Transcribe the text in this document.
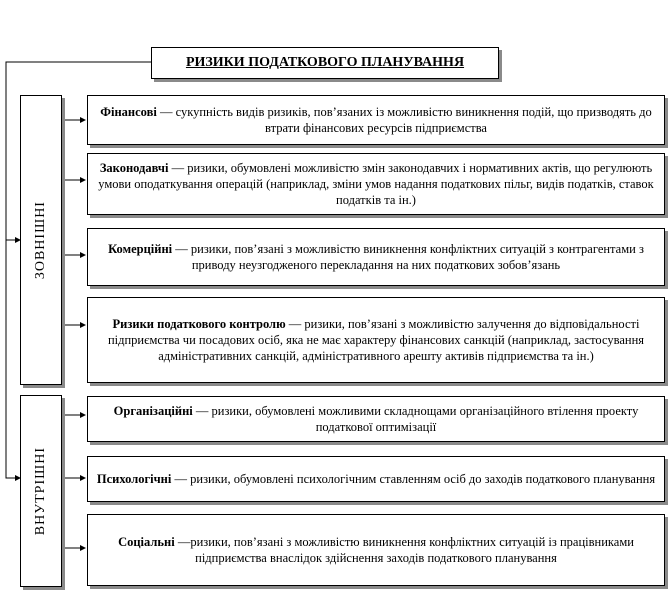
РИЗИКИ ПОДАТКОВОГО ПЛАНУВАННЯ
ЗОВНІШНІ
ВНУТРІШНІ
Фінансові — сукупність видів ризиків, пов’язаних із можливістю виникнення подій, що призводять до втрати фінансових ресурсів підприємства
Законодавчі — ризики, обумовлені можливістю змін законодавчих і нормативних актів, що регулюють умови оподаткування операцій (наприклад, зміни умов надання податкових пільг, видів податків, ставок податків та ін.)
Комерційні — ризики, пов’язані з можливістю виникнення конфліктних ситуацій з контрагентами з приводу неузгодженого перекладання на них податкових зобов’язань
Ризики податкового контролю — ризики, пов’язані з можливістю залучення до відповідальності підприємства чи посадових осіб, яка не має характеру фінансових санкцій (наприклад, застосування адміністративних санкцій, адміністративного арешту активів підприємства та ін.)
Організаційні — ризики, обумовлені можливими складнощами організаційного втілення проекту податкової оптимізації
Психологічні — ризики, обумовлені психологічним ставленням осіб до заходів податкового планування
Соціальні —ризики, пов’язані з можливістю виникнення конфліктних ситуацій із працівниками підприємства внаслідок здійснення заходів податкового планування
